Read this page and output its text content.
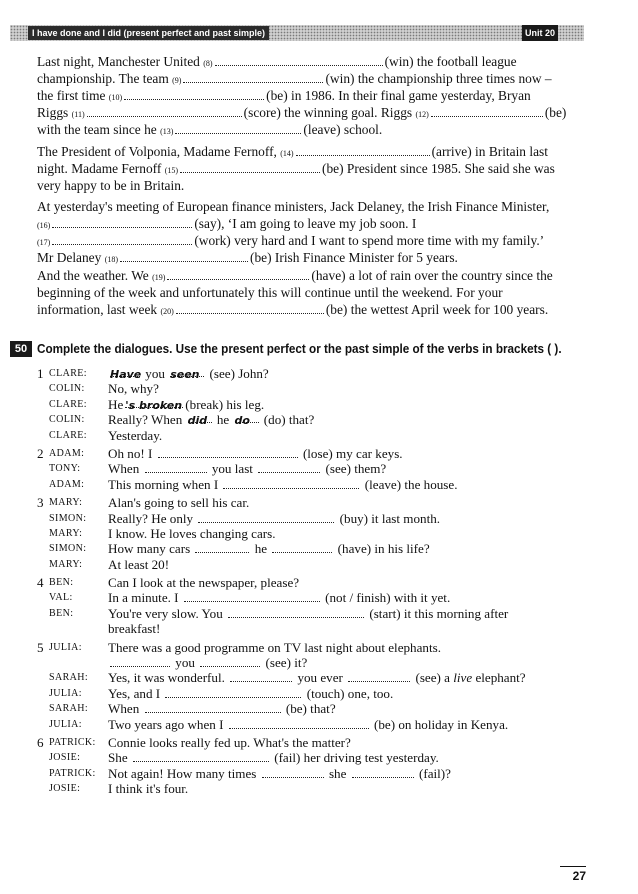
I have done and I did (present perfect and past simple)	Unit 20
Last night, Manchester United (8)	(win) the football league
championship. The team (9)	(win) the championship three times now –
the first time (10)	(be) in 1986. In their final game yesterday, Bryan
Riggs (11)	(score) the winning goal. Riggs (12)	(be)
with the team since he (13)	(leave) school.
The President of Volponia, Madame Fernoff, (14)	(arrive) in Britain last
night. Madame Fernoff (15)	(be) President since 1985. She said she was
very happy to be in Britain.
At yesterday's meeting of European finance ministers, Jack Delaney, the Irish Finance Minister,
(16)	(say), ‘I am going to leave my job soon. I
(17)	(work) very hard and I want to spend more time with my family.’
Mr Delaney (18)	(be) Irish Finance Minister for 5 years.
And the weather. We (19)	(have) a lot of rain over the country since the
beginning of the week and unfortunately this will continue until the weekend. For your
information, last week (20)	(be) the wettest April week for 100 years.
50 Complete the dialogues. Use the present perfect or the past simple of the verbs in brackets ( ).
1 CLARE: Have you seen (see) John?
COLIN: No, why?
CLARE: He 's broken (break) his leg.
COLIN: Really? When did he do (do) that?
CLARE: Yesterday.
2 ADAM: Oh no! I	(lose) my car keys.
TONY: When	you last	(see) them?
ADAM: This morning when I	(leave) the house.
3 MARY: Alan's going to sell his car.
SIMON: Really? He only	(buy) it last month.
MARY: I know. He loves changing cars.
SIMON: How many cars	he	(have) in his life?
MARY: At least 20!
4 BEN:	Can I look at the newspaper, please?
VAL:	In a minute. I	(not / finish) with it yet.
BEN:	You're very slow. You	(start) it this morning after
breakfast!
5 JULIA: There was a good programme on TV last night about elephants.
you	(see) it?
SARAH: Yes, it was wonderful.	you ever	(see) a live elephant?
JULIA: Yes, and I	(touch) one, too.
SARAH: When	(be) that?
JULIA: Two years ago when I	(be) on holiday in Kenya.
6 PATRICK: Connie looks really fed up. What's the matter?
JOSIE: She	(fail) her driving test yesterday.
PATRICK: Not again! How many times	she	(fail)?
JOSIE: I think it's four.
27
